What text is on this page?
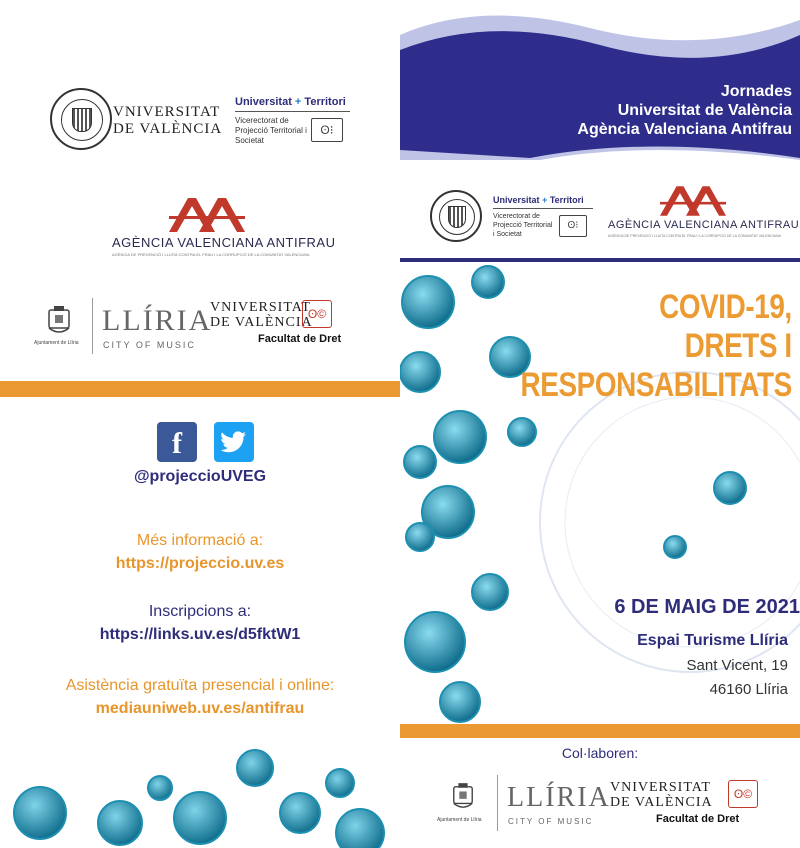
VNIVERSITAT
DE VALÈNCIA
Universitat + Territori
Vicerectorat de Projecció Territorial i Societat
ʘ⁝
AGÈNCIA VALENCIANA ANTIFRAU
AGÈNCIA DE PREVENCIÓ I LLUITA CONTRA EL FRAU I LA CORRUPCIÓ DE LA COMUNITAT VALENCIANA
Ajuntament de Llíria
LLÍRIA
CITY OF MUSIC
VNIVERSITAT
DE VALÈNCIA
ʘ©
Facultat de Dret
f
@projeccioUVEG
Més informació a:
https://projeccio.uv.es
Inscripcions a:
https://links.uv.es/d5fktW1
Asistència gratuïta presencial i online:
mediauniweb.uv.es/antifrau
Jornades
Universitat de València
Agència Valenciana Antifrau
Universitat + Territori
Vicerectorat de Projecció Territorial i Societat
ʘ⁝	AGÈNCIA VALENCIANA ANTIFRAU
AGÈNCIA DE PREVENCIÓ I LLUITA CONTRA EL FRAU I LA CORRUPCIÓ DE LA COMUNITAT VALENCIANA
COVID-19,
DRETS I
RESPONSABILITATS
6 DE MAIG DE 2021
Espai Turisme Llíria
Sant Vicent, 19
46160 Llíria
Col·laboren:
Ajuntament de Llíria
LLÍRIA
CITY OF MUSIC
VNIVERSITAT
DE VALÈNCIA
ʘ©
Facultat de Dret
